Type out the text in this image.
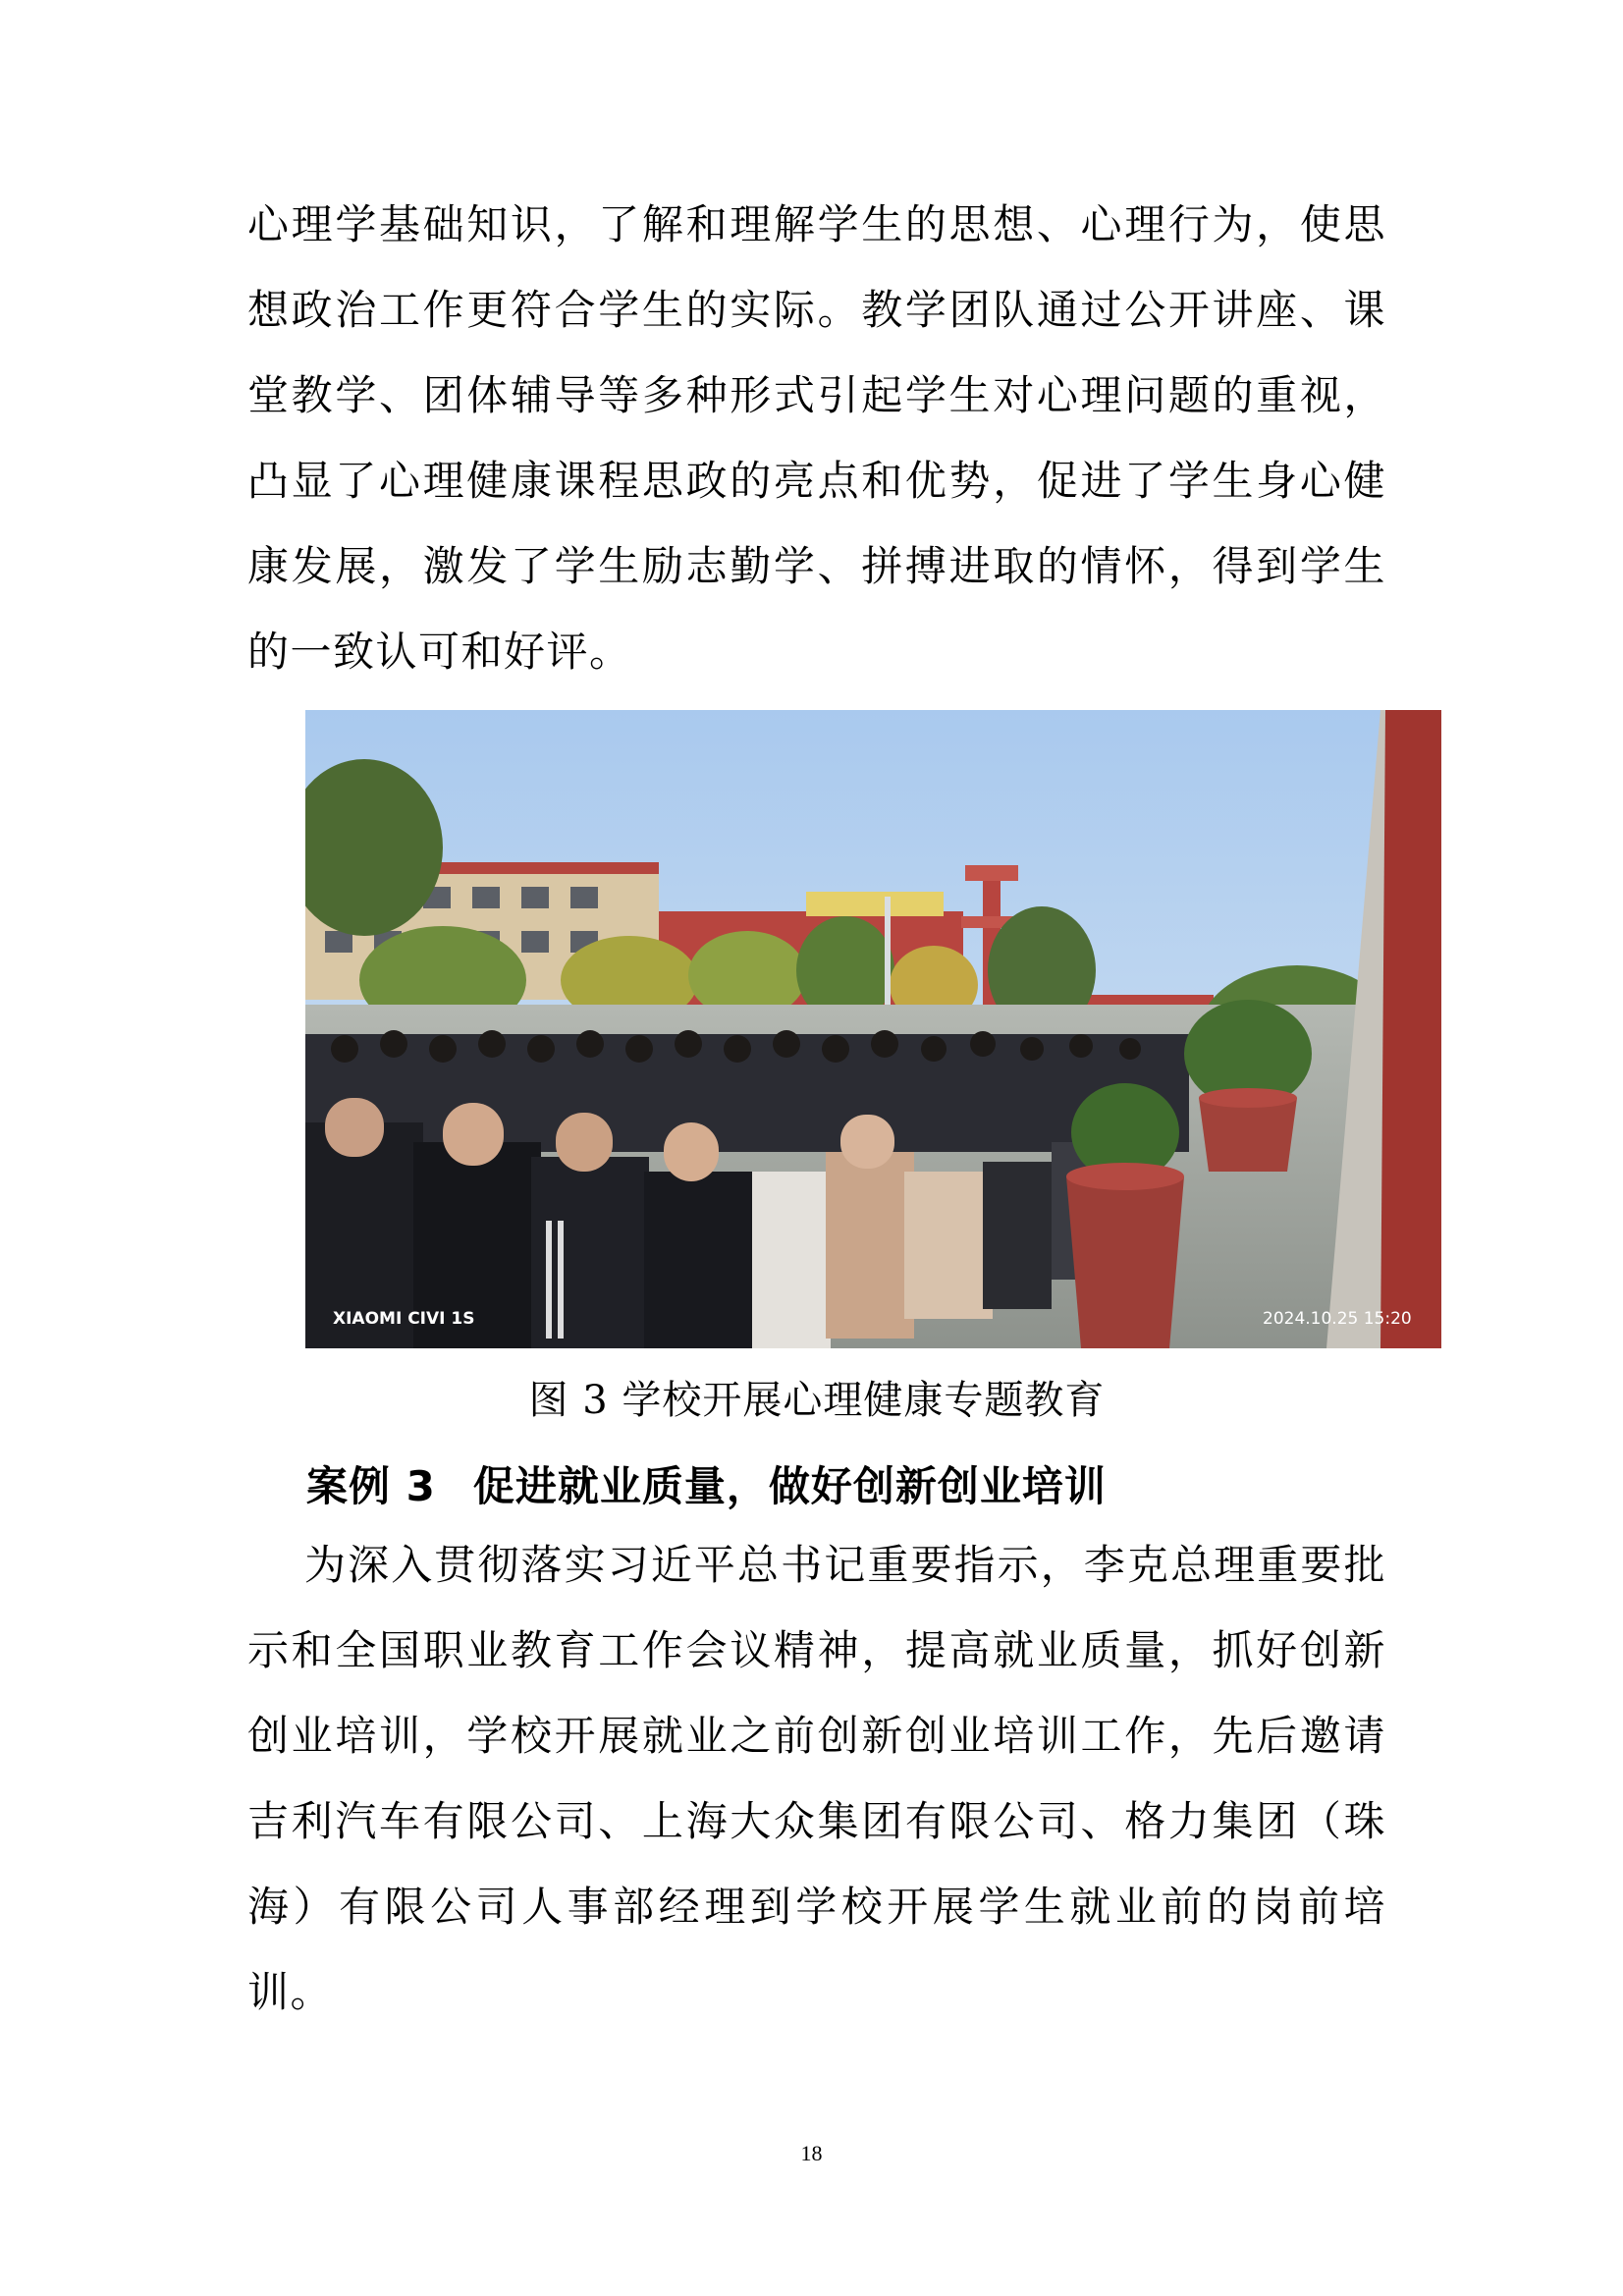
心理学基础知识，了解和理解学生的思想、心理行为，使思想政治工作更符合学生的实际。教学团队通过公开讲座、课堂教学、团体辅导等多种形式引起学生对心理问题的重视，凸显了心理健康课程思政的亮点和优势，促进了学生身心健康发展，激发了学生励志勤学、拼搏进取的情怀，得到学生的一致认可和好评。

XIAOMI CIVI 1S	2024.10.25 15:20
图 3 学校开展心理健康专题教育
案例 3 促进就业质量，做好创新创业培训

为深入贯彻落实习近平总书记重要指示，李克总理重要批示和全国职业教育工作会议精神，提高就业质量，抓好创新创业培训，学校开展就业之前创新创业培训工作，先后邀请吉利汽车有限公司、上海大众集团有限公司、格力集团（珠海）有限公司人事部经理到学校开展学生就业前的岗前培训。

18
